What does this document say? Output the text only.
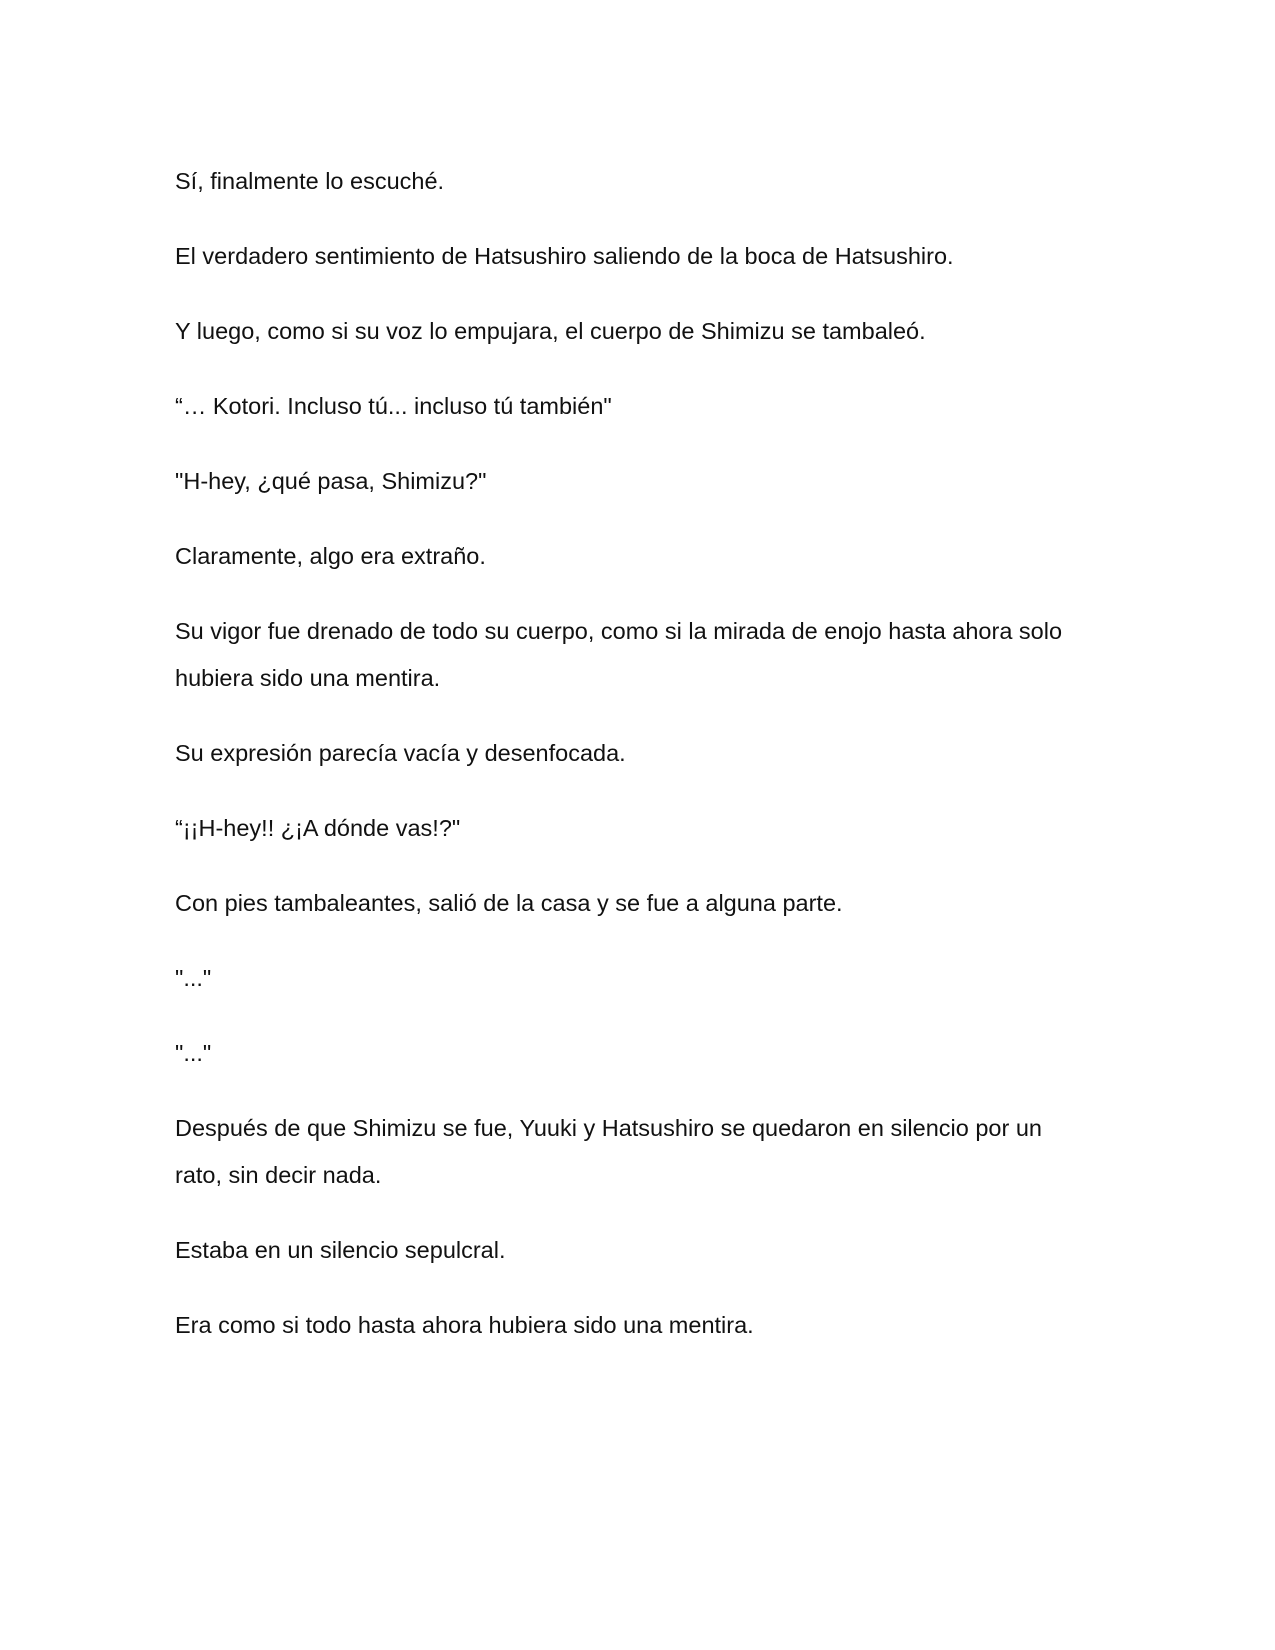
Sí, finalmente lo escuché.

El verdadero sentimiento de Hatsushiro saliendo de la boca de Hatsushiro.

Y luego, como si su voz lo empujara, el cuerpo de Shimizu se tambaleó.

“… Kotori. Incluso tú... incluso tú también"

"H-hey, ¿qué pasa, Shimizu?"

Claramente, algo era extraño.

Su vigor fue drenado de todo su cuerpo, como si la mirada de enojo hasta ahora solo hubiera sido una mentira.

Su expresión parecía vacía y desenfocada.

“¡¡H-hey!! ¿¡A dónde vas!?"

Con pies tambaleantes, salió de la casa y se fue a alguna parte.

"..."

"..."

Después de que Shimizu se fue, Yuuki y Hatsushiro se quedaron en silencio por un rato, sin decir nada.

Estaba en un silencio sepulcral.

Era como si todo hasta ahora hubiera sido una mentira.
